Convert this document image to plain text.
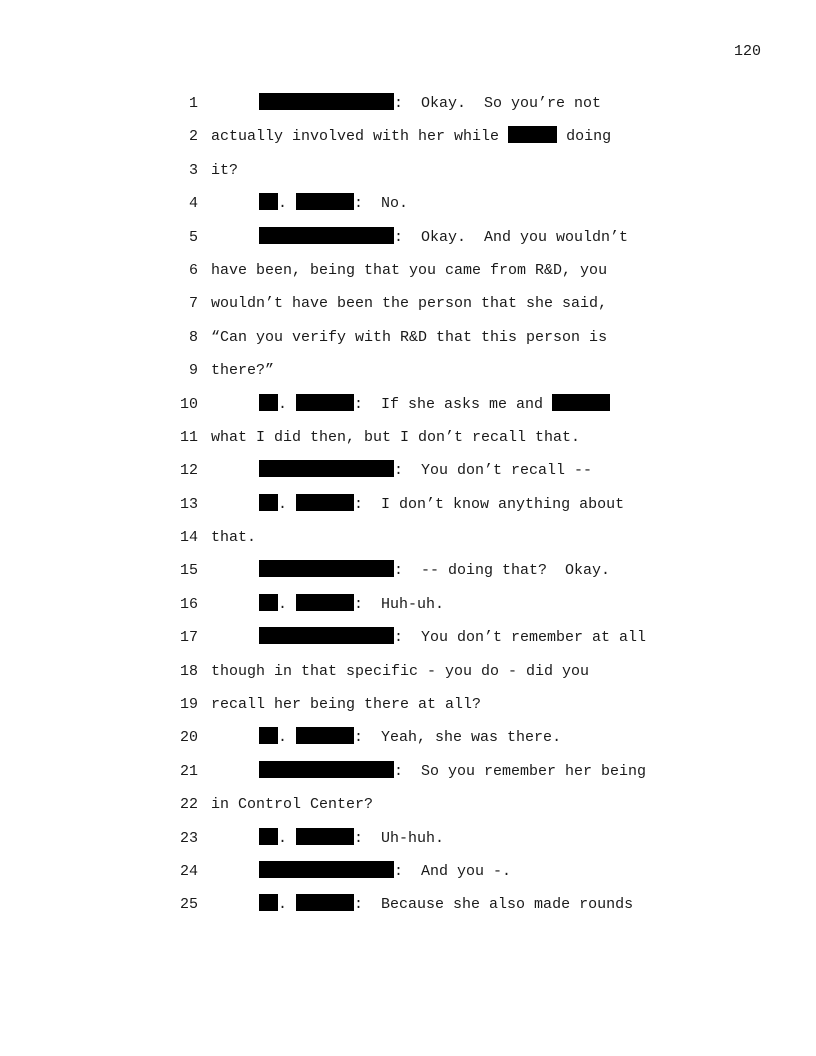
120
1	:  Okay.  So you’re not
2 actually involved with her while	doing
3 it?
4	.	:  No.
5	:  Okay.  And you wouldn’t
6 have been, being that you came from R&D, you
7 wouldn’t have been the person that she said,
8 “Can you verify with R&D that this person is
9 there?”
10	.	:  If she asks me and
11 what I did then, but I don’t recall that.
12	:  You don’t recall --
13	.	:  I don’t know anything about
14 that.
15	:  -- doing that?  Okay.
16	.	:  Huh-uh.
17	:  You don’t remember at all
18 though in that specific - you do - did you
19 recall her being there at all?
20	.	:  Yeah, she was there.
21	:  So you remember her being
22 in Control Center?
23	.	:  Uh-huh.
24	:  And you -.
25	.	:  Because she also made rounds
